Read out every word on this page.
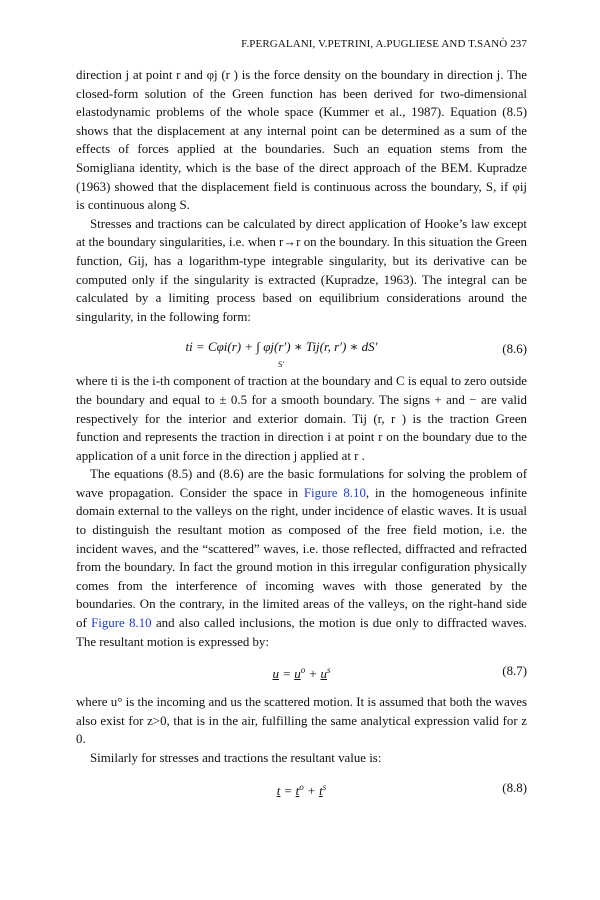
F.PERGALANI, V.PETRINI, A.PUGLIESE AND T.SANÒ 237

direction j at point r and φj (r ) is the force density on the boundary in direction j. The closed-form solution of the Green function has been derived for two-dimensional elastodynamic problems of the whole space (Kummer et al., 1987). Equation (8.5) shows that the displacement at any internal point can be determined as a sum of the effects of forces applied at the boundaries. Such an equation stems from the Somigliana identity, which is the base of the direct approach of the BEM. Kupradze (1963) showed that the displacement field is continuous across the boundary, S, if φij is continuous along S.

Stresses and tractions can be calculated by direct application of Hooke’s law except at the boundary singularities, i.e. when r→r on the boundary. In this situation the Green function, Gij, has a logarithm-type integrable singularity, but its derivative can be computed only if the singularity is extracted (Kupradze, 1963). The integral can be calculated by a limiting process based on equilibrium considerations around the singularity, in the following form:

ti = Cφi(r) + ∫ φj(r′) ∗ Tij(r, r′) ∗ dS′
S′
(8.6)

where ti is the i-th component of traction at the boundary and C is equal to zero outside the boundary and equal to ± 0.5 for a smooth boundary. The signs + and − are valid respectively for the interior and exterior domain. Tij (r, r ) is the traction Green function and represents the traction in direction i at point r on the boundary due to the application of a unit force in the direction j applied at r .

The equations (8.5) and (8.6) are the basic formulations for solving the problem of wave propagation. Consider the space in Figure 8.10, in the homogeneous infinite domain external to the valleys on the right, under incidence of elastic waves. It is usual to distinguish the resultant motion as composed of the free field motion, i.e. the incident waves, and the “scattered” waves, i.e. those reflected, diffracted and refracted from the boundary. In fact the ground motion in this irregular configuration physically comes from the interference of incoming waves with those generated by the boundaries. On the contrary, in the limited areas of the valleys, on the right-hand side of Figure 8.10 and also called inclusions, the motion is due only to diffracted waves. The resultant motion is expressed by:

$u = u^o + u^s$	(8.7)

where u° is the incoming and us the scattered motion. It is assumed that both the waves also exist for z>0, that is in the air, fulfilling the same analytical expression valid for z 0.

Similarly for stresses and tractions the resultant value is:

$t = t^o + t^s$	(8.8)
